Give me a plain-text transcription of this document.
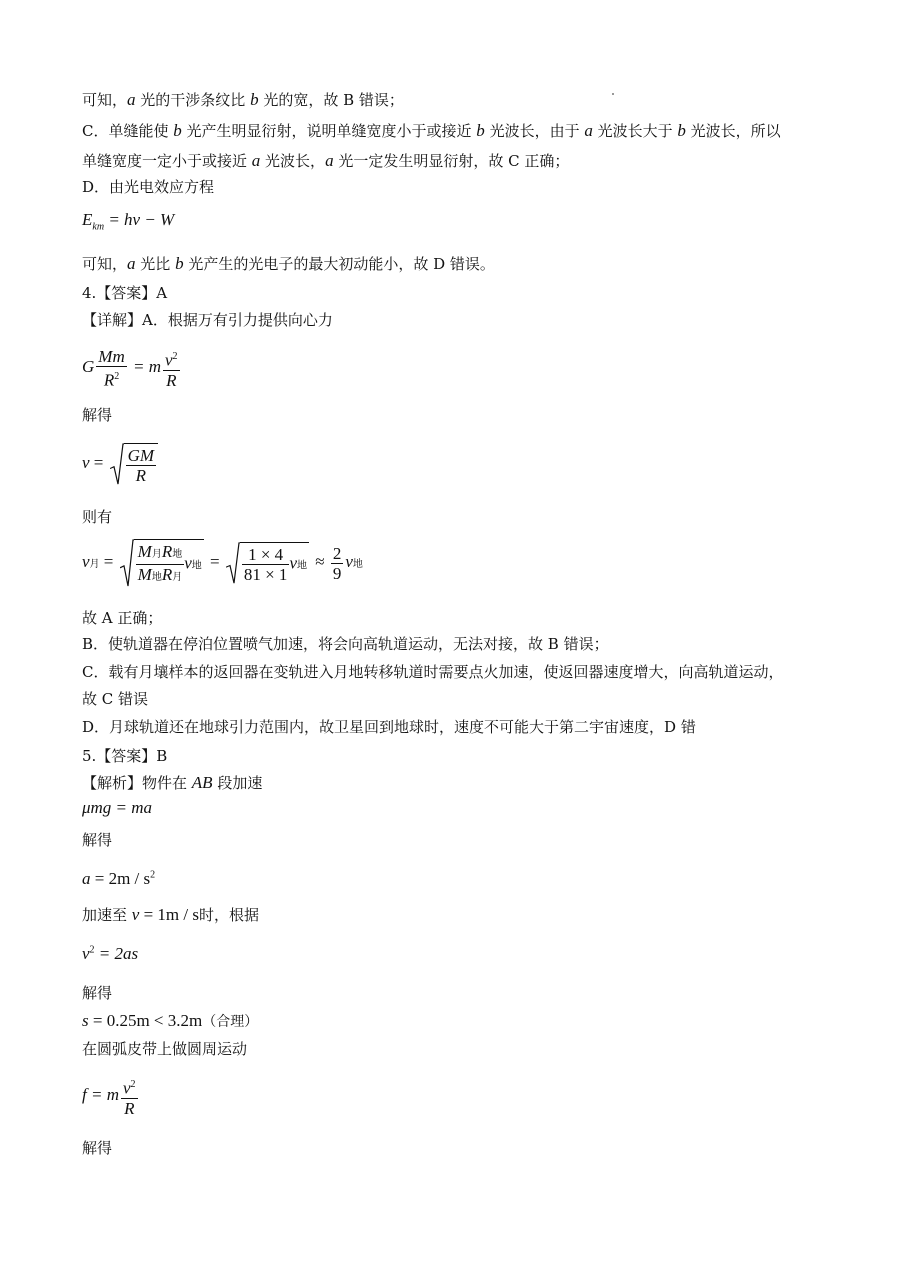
可知，a 光的干涉条纹比 b 光的宽，故 B 错误；
C．单缝能使 b 光产生明显衍射，说明单缝宽度小于或接近 b 光波长，由于 a 光波长大于 b 光波长，所以
单缝宽度一定小于或接近 a 光波长，a 光一定发生明显衍射，故 C 正确；
D．由光电效应方程
$E_{km} = h\nu - W$
可知，a 光比 b 光产生的光电子的最大初动能小，故 D 错误。
4.【答案】A
【详解】A．根据万有引力提供向心力
G $\frac{Mm}{R^2} = m \frac{v^2}{R}$
解得
$v = \frac{GM}{R}$
则有
v月 = $\frac{\text{M月R地}}{\text{M地R月}}$ v地 = $\frac{1 \times 4}{81 \times 1}$ v地 ≈ $\frac{2}{9}$ v地
故 A 正确；
B．使轨道器在停泊位置喷气加速，将会向高轨道运动，无法对接，故 B 错误；
C．载有月壤样本的返回器在变轨进入月地转移轨道时需要点火加速，使返回器速度增大，向高轨道运动，
故 C 错误
D．月球轨道还在地球引力范围内，故卫星回到地球时，速度不可能大于第二宇宙速度，D 错
5.【答案】B
【解析】物件在 AB 段加速
μmg = ma
解得
$a = 2m / s^2$
加速至 v = 1m / s时，根据
$v^2 = 2as$
解得
s = 0.25m < 3.2m（合理）
在圆弧皮带上做圆周运动
f = m $\frac{v^2}{R}$
解得
